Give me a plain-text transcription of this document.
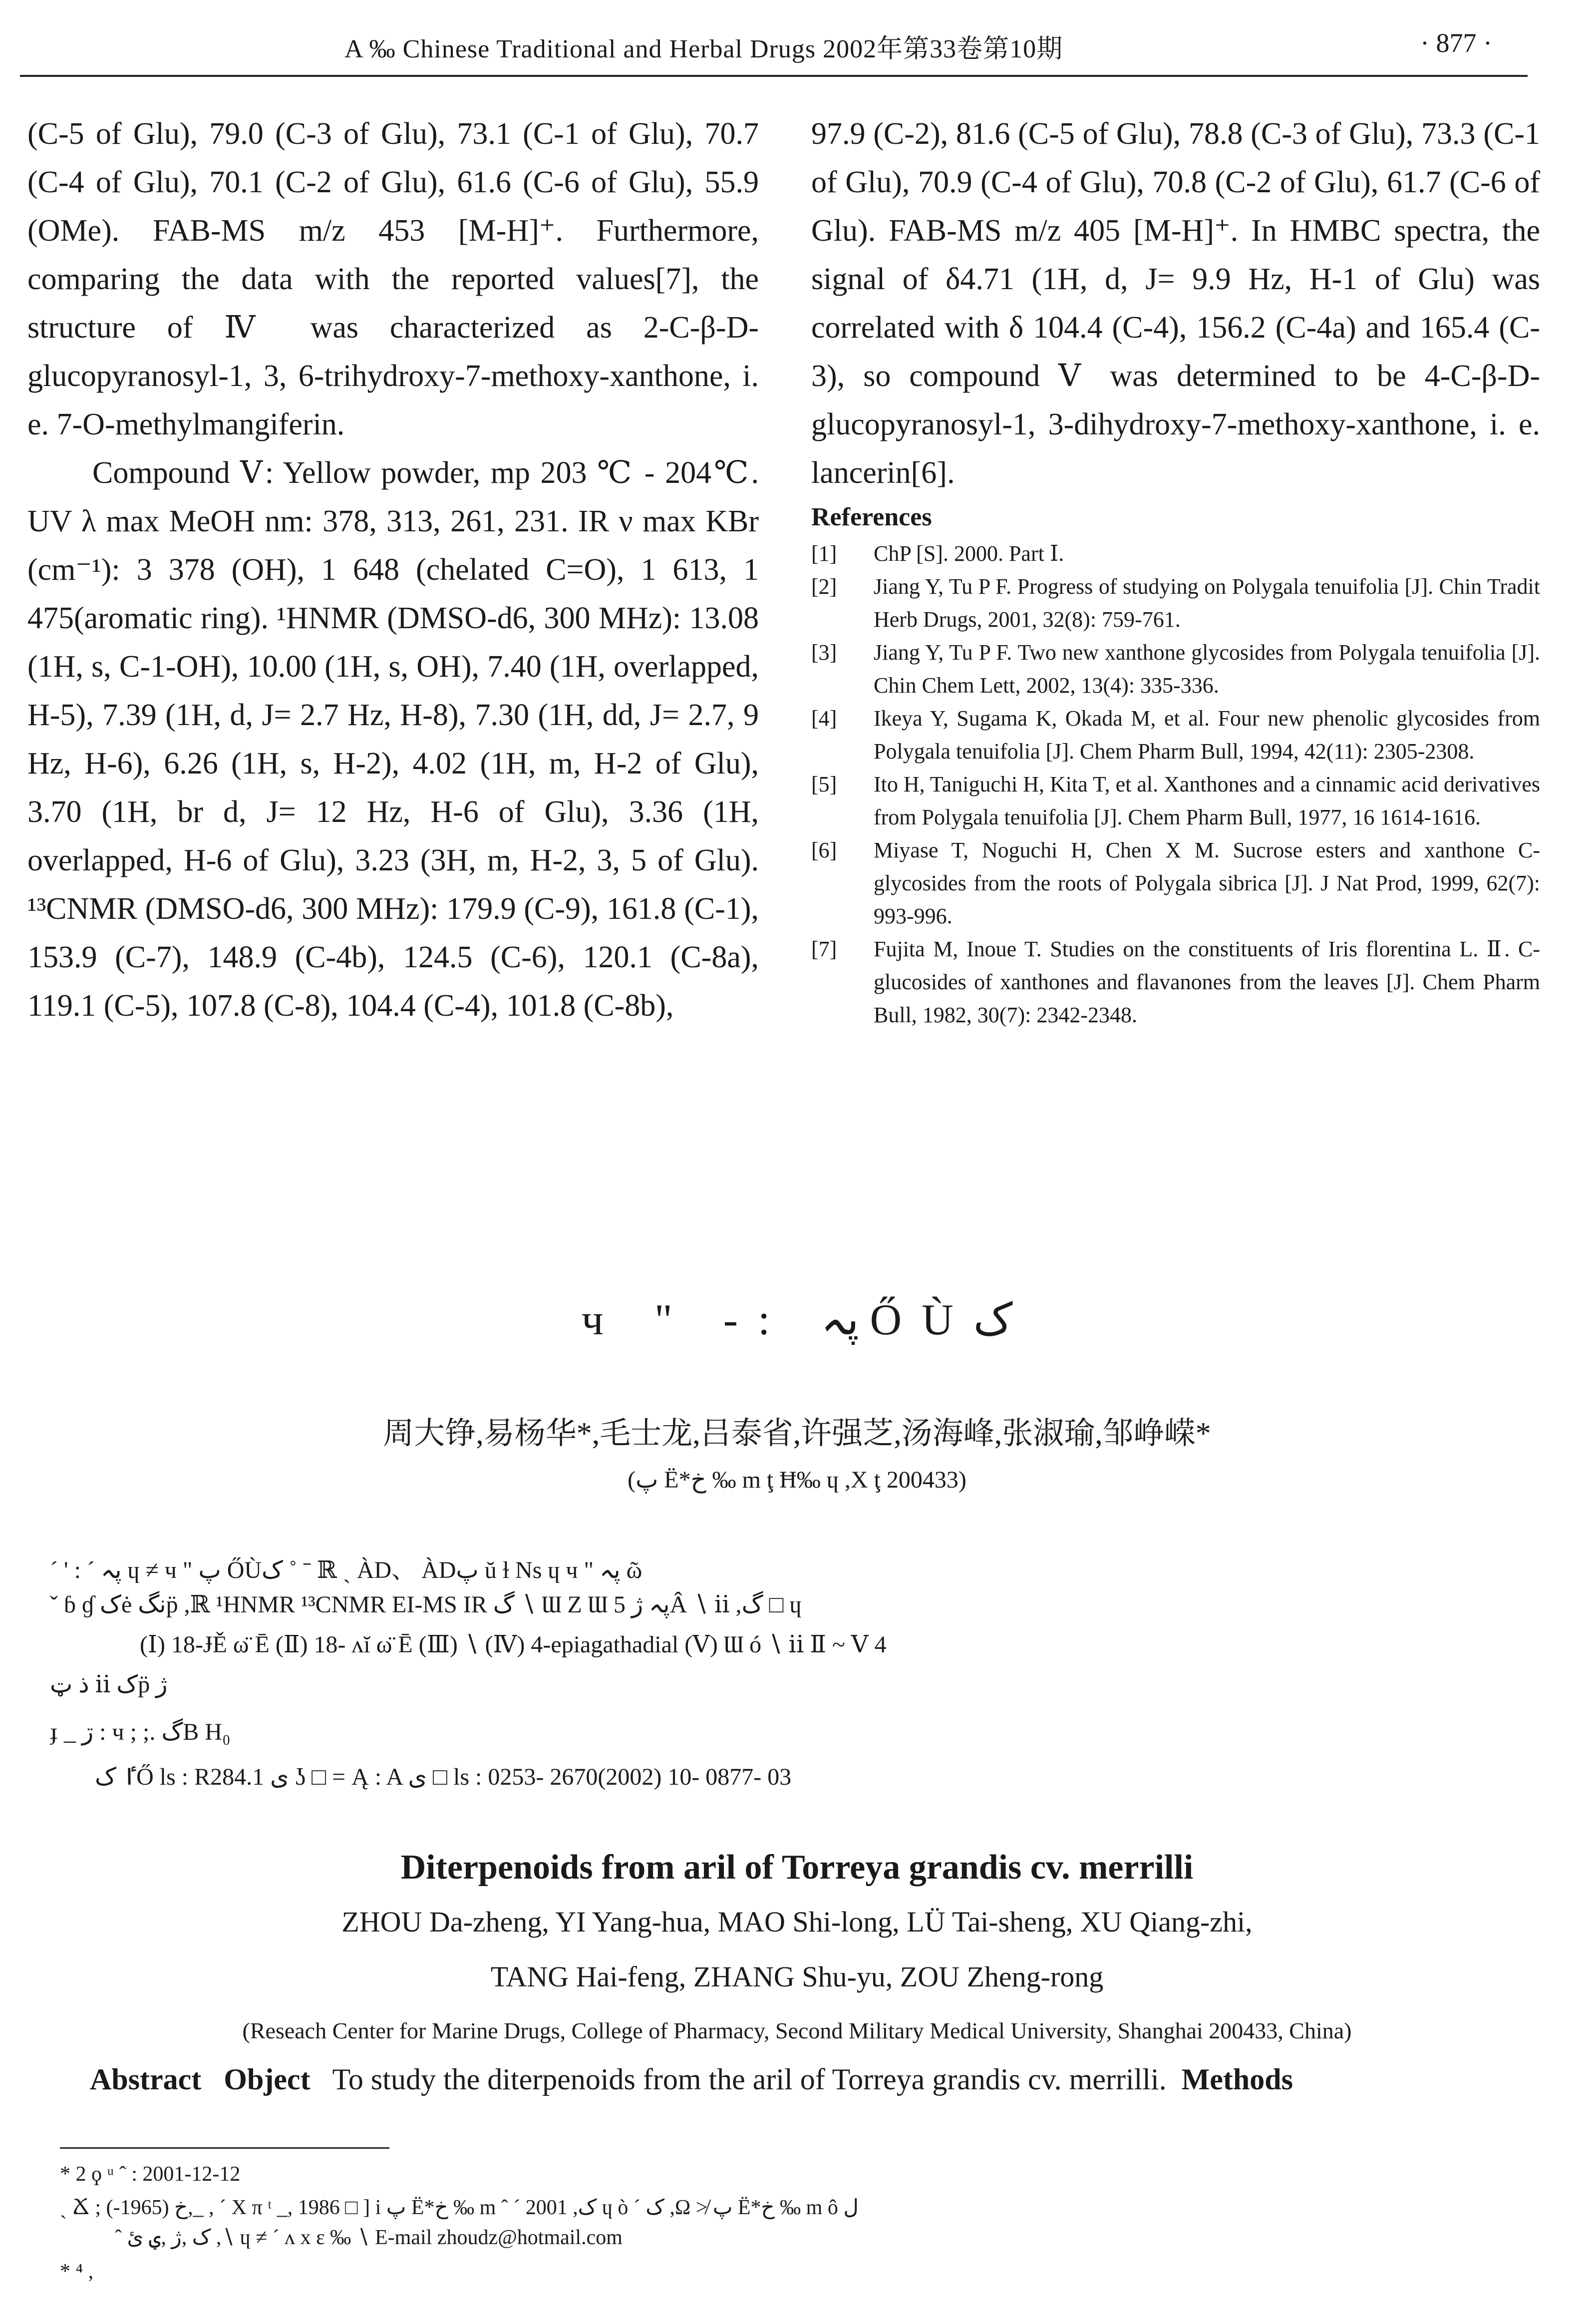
A ‰ Chinese Traditional and Herbal Drugs 2002年第33卷第10期	· 877 ·

(C-5 of Glu), 79.0 (C-3 of Glu), 73.1 (C-1 of Glu), 70.7 (C-4 of Glu), 70.1 (C-2 of Glu), 61.6 (C-6 of Glu), 55.9 (OMe). FAB-MS m/z 453 [M-H]⁺. Furthermore, comparing the data with the reported values[7], the structure of Ⅳ was characterized as 2-C-β-D-glucopyranosyl-1, 3, 6-trihydroxy-7-methoxy-xanthone, i. e. 7-O-methylmangiferin.

Compound Ⅴ: Yellow powder, mp 203 ℃ - 204℃. UV λ max MeOH nm: 378, 313, 261, 231. IR ν max KBr (cm⁻¹): 3 378 (OH), 1 648 (chelated C=O), 1 613, 1 475(aromatic ring). ¹HNMR (DMSO-d6, 300 MHz): 13.08 (1H, s, C-1-OH), 10.00 (1H, s, OH), 7.40 (1H, overlapped, H-5), 7.39 (1H, d, J= 2.7 Hz, H-8), 7.30 (1H, dd, J= 2.7, 9 Hz, H-6), 6.26 (1H, s, H-2), 4.02 (1H, m, H-2 of Glu), 3.70 (1H, br d, J= 12 Hz, H-6 of Glu), 3.36 (1H, overlapped, H-6 of Glu), 3.23 (3H, m, H-2, 3, 5 of Glu). ¹³CNMR (DMSO-d6, 300 MHz): 179.9 (C-9), 161.8 (C-1), 153.9 (C-7), 148.9 (C-4b), 124.5 (C-6), 120.1 (C-8a), 119.1 (C-5), 107.8 (C-8), 104.4 (C-4), 101.8 (C-8b),

97.9 (C-2), 81.6 (C-5 of Glu), 78.8 (C-3 of Glu), 73.3 (C-1 of Glu), 70.9 (C-4 of Glu), 70.8 (C-2 of Glu), 61.7 (C-6 of Glu). FAB-MS m/z 405 [M-H]⁺. In HMBC spectra, the signal of δ4.71 (1H, d, J= 9.9 Hz, H-1 of Glu) was correlated with δ 104.4 (C-4), 156.2 (C-4a) and 165.4 (C-3), so compound Ⅴ was determined to be 4-C-β-D-glucopyranosyl-1, 3-dihydroxy-7-methoxy-xanthone, i. e. lancerin[6].

References
[1] ChP [S]. 2000. Part Ⅰ.
[2] Jiang Y, Tu P F. Progress of studying on Polygala tenuifolia [J]. Chin Tradit Herb Drugs, 2001, 32(8): 759-761.
[3] Jiang Y, Tu P F. Two new xanthone glycosides from Polygala tenuifolia [J]. Chin Chem Lett, 2002, 13(4): 335-336.
[4] Ikeya Y, Sugama K, Okada M, et al. Four new phenolic glycosides from Polygala tenuifolia [J]. Chem Pharm Bull, 1994, 42(11): 2305-2308.
[5] Ito H, Taniguchi H, Kita T, et al. Xanthones and a cinnamic acid derivatives from Polygala tenuifolia [J]. Chem Pharm Bull, 1977, 16 1614-1616.
[6] Miyase T, Noguchi H, Chen X M. Sucrose esters and xanthone C-glycosides from the roots of Polygala sibrica [J]. J Nat Prod, 1999, 62(7): 993-996.
[7] Fujita M, Inoue T. Studies on the constituents of Iris florentina L. Ⅱ. C-glucosides of xanthones and flavanones from the leaves [J]. Chem Pharm Bull, 1982, 30(7): 2342-2348.
ч " -: پہ ŐÙک
周大铮,易杨华*,毛士龙,吕泰省,许强芝,汤海峰,张淑瑜,邹峥嵘*
(پ Ë*خ ‰ m ţ Ħ‰ ɥ ,Χ ţ 200433)
ˊ ' : ˊ پہ ɥ ≠ ч " پ ŐÙک ˚ ˉ ℝ ˎ ÀD、 ÀDپ ŭ ɫ Ns ɥ ч " پہ ῶ
ˇ ɓ ɠ کė نگp̈ ,ℝ ¹HNMR ¹³CNMR EI-MS IR گ ∖ Ɯ Z Ɯ پہ ژ 5Â ∖ ⅱ ,گ □ ɥ
(Ⅰ) 18-ɈĚ ω̈ Ē (Ⅱ) 18- ʌĭ ω̈ Ē (Ⅲ) ∖ (Ⅳ) 4-epiagathadial (Ⅴ) Ɯ ó ∖ ⅱ Ⅱ ~ Ⅴ 4
ذ ټ ⅱ کp̈ ژ
ɟ _ ڗ : ч ; ;. گB H₀
ٵ کŐ ls : R284.1 ى ʖ □ = Ą : A ى □ ls : 0253- 2670(2002) 10- 0877- 03
Diterpenoids from aril of Torreya grandis cv. merrilli
ZHOU Da-zheng, YI Yang-hua, MAO Shi-long, LÜ Tai-sheng, XU Qiang-zhi,
TANG Hai-feng, ZHANG Shu-yu, ZOU Zheng-rong
(Reseach Center for Marine Drugs, College of Pharmacy, Second Military Medical University, Shanghai 200433, China)
Abstract Object To study the diterpenoids from the aril of Torreya grandis cv. merrilli. Methods
* 2 ϙ ᵘ ˆ : 2001-12-12
ˎ Ճ ; خ (1965-),_ , ˊ Χ π ᵗ _, 1986 □ ] i پ Ë*خ ‰ m ˆ ˊ ک, 2001 ɥ ò ˊ ک ,Ω ≯ پ Ë*خ ‰ m ô ل
ˆ ک ,ژ ,ؠ ئ ,∖ ɥ ≠ ˊ ʌ x ε ‰ ∖ E-mail zhoudz@hotmail.com
* ⁴ ,
